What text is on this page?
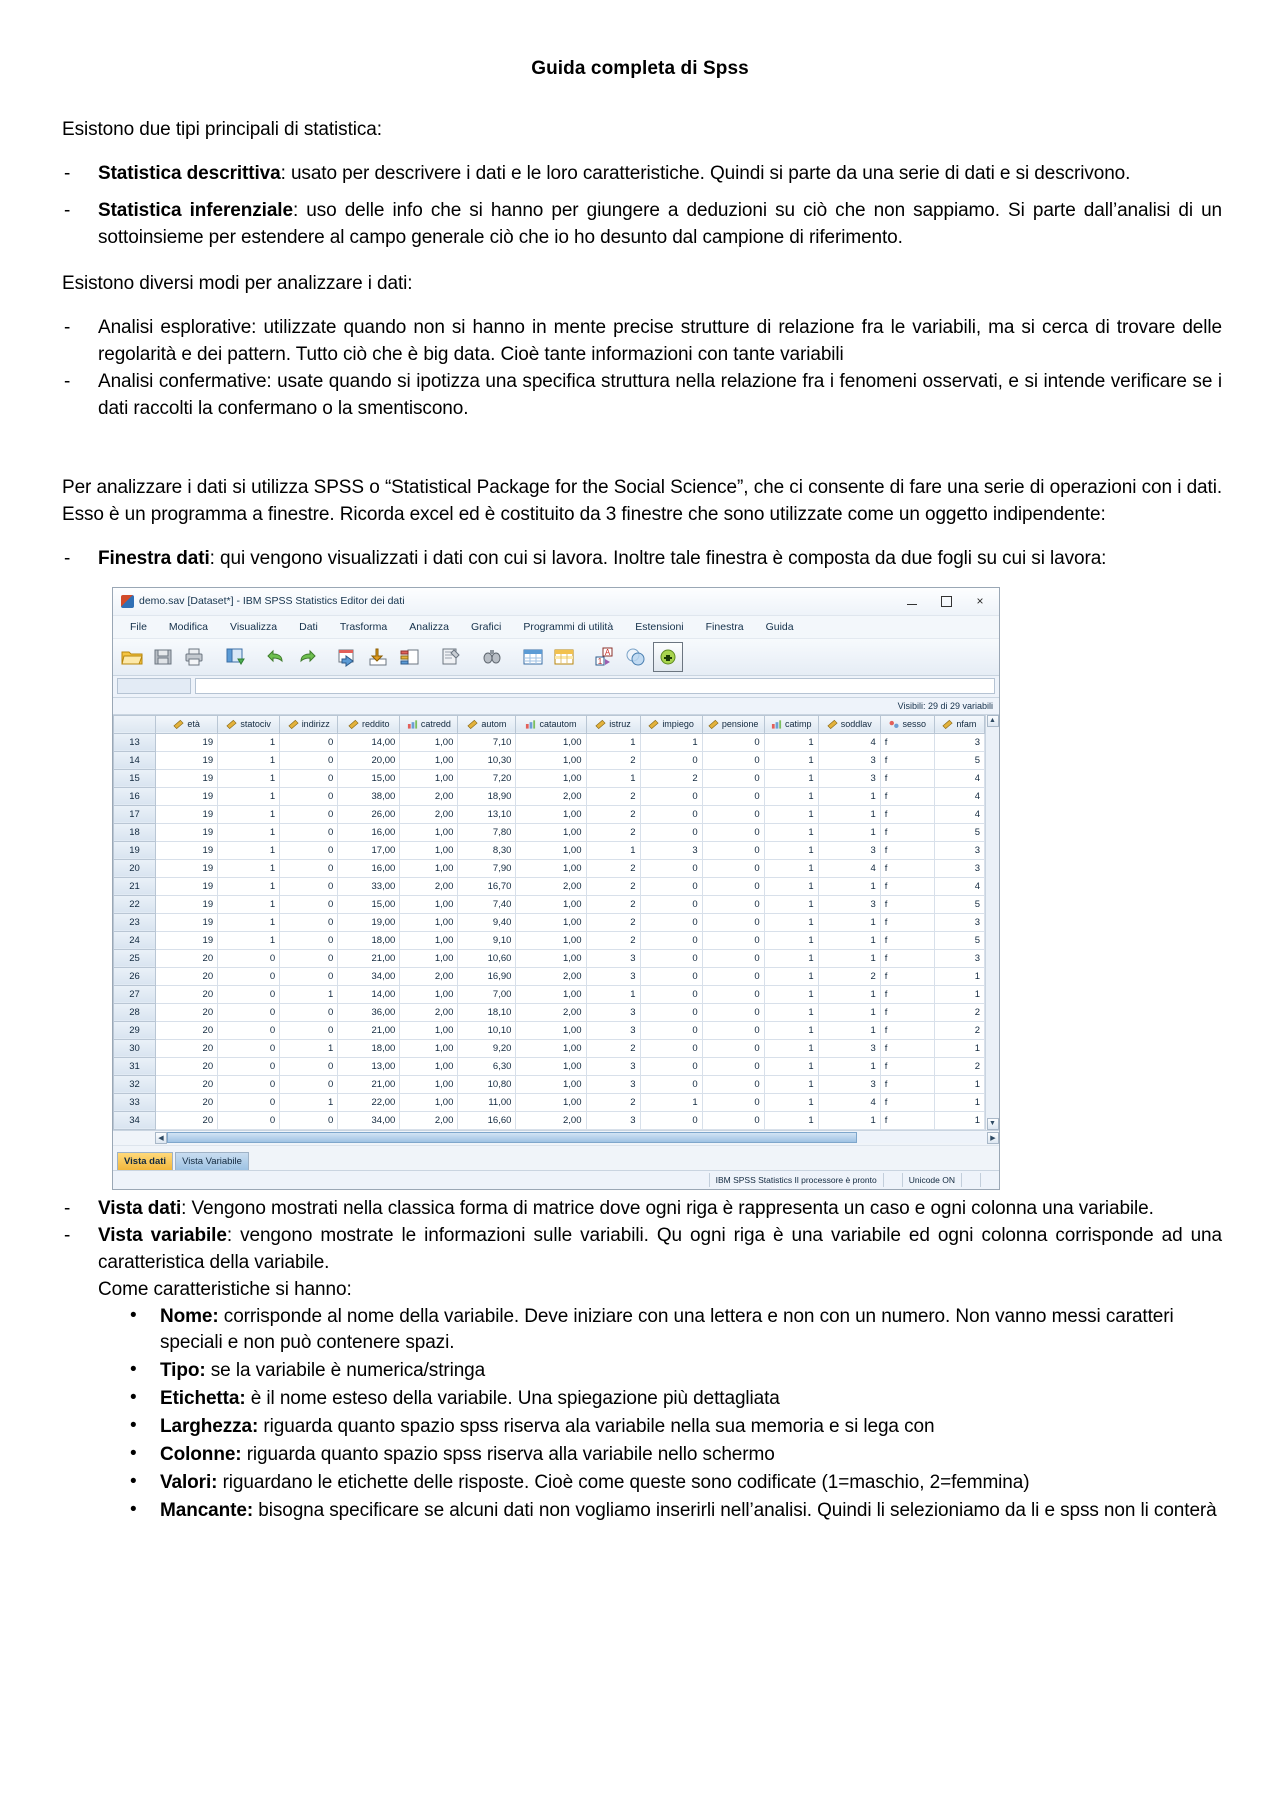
Guida completa di Spss

Esistono due tipi principali di statistica:

- Statistica descrittiva: usato per descrivere i dati e le loro caratteristiche. Quindi si parte da una serie di dati e si descrivono.
- Statistica inferenziale: uso delle info che si hanno per giungere a deduzioni su ciò che non sappiamo. Si parte dall’analisi di un sottoinsieme per estendere al campo generale ciò che io ho desunto dal campione di riferimento.

Esistono diversi modi per analizzare i dati:

- Analisi esplorative: utilizzate quando non si hanno in mente precise strutture di relazione fra le variabili, ma si cerca di trovare delle regolarità e dei pattern. Tutto ciò che è big data. Cioè tante informazioni con tante variabili
- Analisi confermative: usate quando si ipotizza una specifica struttura nella relazione fra i fenomeni osservati, e si intende verificare se i dati raccolti la confermano o la smentiscono.

Per analizzare i dati si utilizza SPSS o “Statistical Package for the Social Science”, che ci consente di fare una serie di operazioni con i dati. Esso è un programma a finestre. Ricorda excel ed è costituito da 3 finestre che sono utilizzate come un oggetto indipendente:

- Finestra dati: qui vengono visualizzati i dati con cui si lavora. Inoltre tale finestra è composta da due fogli su cui si lavora:
demo.sav [Dataset*] - IBM SPSS Statistics Editor dei dati	×
File	Modifica	Visualizza	Dati	Trasforma	Analizza	Grafici	Programmi di utilità	Estensioni	Finestra	Guida
A
1
Visibili: 29 di 29 variabili

	età	statociv	indirizz	reddito	catredd	autom	catautom	istruz	impiego	pensione	catimp	soddlav	sesso	nfam

13	19	1	0	14,00	1,00	7,10	1,00	1	1	0	1	4	f	3
14	19	1	0	20,00	1,00	10,30	1,00	2	0	0	1	3	f	5
15	19	1	0	15,00	1,00	7,20	1,00	1	2	0	1	3	f	4
16	19	1	0	38,00	2,00	18,90	2,00	2	0	0	1	1	f	4
17	19	1	0	26,00	2,00	13,10	1,00	2	0	0	1	1	f	4
18	19	1	0	16,00	1,00	7,80	1,00	2	0	0	1	1	f	5
19	19	1	0	17,00	1,00	8,30	1,00	1	3	0	1	3	f	3
20	19	1	0	16,00	1,00	7,90	1,00	2	0	0	1	4	f	3
21	19	1	0	33,00	2,00	16,70	2,00	2	0	0	1	1	f	4
22	19	1	0	15,00	1,00	7,40	1,00	2	0	0	1	3	f	5
23	19	1	0	19,00	1,00	9,40	1,00	2	0	0	1	1	f	3
24	19	1	0	18,00	1,00	9,10	1,00	2	0	0	1	1	f	5
25	20	0	0	21,00	1,00	10,60	1,00	3	0	0	1	1	f	3
26	20	0	0	34,00	2,00	16,90	2,00	3	0	0	1	2	f	1
27	20	0	1	14,00	1,00	7,00	1,00	1	0	0	1	1	f	1
28	20	0	0	36,00	2,00	18,10	2,00	3	0	0	1	1	f	2
29	20	0	0	21,00	1,00	10,10	1,00	3	0	0	1	1	f	2
30	20	0	1	18,00	1,00	9,20	1,00	2	0	0	1	3	f	1
31	20	0	0	13,00	1,00	6,30	1,00	3	0	0	1	1	f	2
32	20	0	0	21,00	1,00	10,80	1,00	3	0	0	1	3	f	1
33	20	0	1	22,00	1,00	11,00	1,00	2	1	0	1	4	f	1
34	20	0	0	34,00	2,00	16,60	2,00	3	0	0	1	1	f	1
▲
▼
◀	▶
Vista dati	Vista Variabile
IBM SPSS Statistics Il processore è pronto	Unicode ON
- Vista dati: Vengono mostrati nella classica forma di matrice dove ogni riga è rappresenta un caso e ogni colonna una variabile.
- Vista variabile: vengono mostrate le informazioni sulle variabili. Qu ogni riga è una variabile ed ogni colonna corrisponde ad una caratteristica della variabile.
Come caratteristiche si hanno:
• Nome: corrisponde al nome della variabile. Deve iniziare con una lettera e non con un numero. Non vanno messi caratteri speciali e non può contenere spazi.
• Tipo: se la variabile è numerica/stringa
• Etichetta: è il nome esteso della variabile. Una spiegazione più dettagliata
• Larghezza: riguarda quanto spazio spss riserva ala variabile nella sua memoria e si lega con
• Colonne: riguarda quanto spazio spss riserva alla variabile nello schermo
• Valori: riguardano le etichette delle risposte. Cioè come queste sono codificate (1=maschio, 2=femmina)
• Mancante: bisogna specificare se alcuni dati non vogliamo inserirli nell’analisi. Quindi li selezioniamo da li e spss non li conterà
